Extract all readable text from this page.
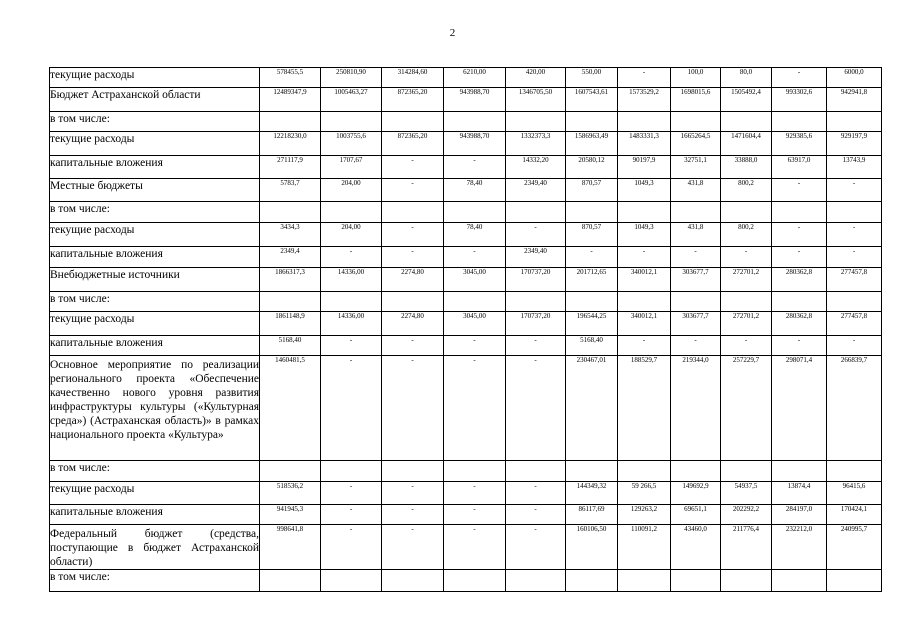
2
текущие расходы	578455,5	250810,90	314284,60	6210,00	420,00	550,00	-	100,0	80,0	-	6000,0
Бюджет Астраханской области	12489347,9	1005463,27	872365,20	943988,70	1346705,50	1607543,61	1573529,2	1698015,6	1505492,4	993302,6	942941,8
в том числе:											
текущие расходы	12218230,0	1003755,6	872365,20	943988,70	1332373,3	1586963,49	1483331,3	1665264,5	1471604,4	929385,6	929197,9
капитальные вложения	271117,9	1707,67	-	-	14332,20	20580,12	90197,9	32751,1	33888,0	63917,0	13743,9
Местные бюджеты	5783,7	204,00	-	78,40	2349,40	870,57	1049,3	431,8	800,2	-	-
в том числе:											
текущие расходы	3434,3	204,00	-	78,40	-	870,57	1049,3	431,8	800,2	-	-
капитальные вложения	2349,4	-	-	-	2349,40	-	-	-	-	-	-
Внебюджетные источники	1866317,3	14336,00	2274,80	3045,00	170737,20	201712,65	340012,1	303677,7	272701,2	280362,8	277457,8
в том числе:											
текущие расходы	1861148,9	14336,00	2274,80	3045,00	170737,20	196544,25	340012,1	303677,7	272701,2	280362,8	277457,8
капитальные вложения	5168,40	-	-	-	-	5168,40	-	-	-	-	-
Основное мероприятие по реализации регионального проекта «Обеспечение качественно нового уровня развития инфраструктуры культуры («Культурная среда») (Астраханская область)» в рамках национального проекта «Культура»	1460481,5	-	-	-	-	230467,01	188529,7	219344,0	257229,7	298071,4	266839,7
в том числе:											
текущие расходы	518536,2	-	-	-	-	144349,32	59 266,5	149692,9	54937,5	13874,4	96415,6
капитальные вложения	941945,3	-	-	-	-	86117,69	129263,2	69651,1	202292,2	284197,0	170424,1
Федеральный бюджет (средства, поступающие в бюджет Астраханской области)	998641,8	-	-	-	-	160106,50	110091,2	43460,0	211776,4	232212,0	240995,7
в том числе:											
